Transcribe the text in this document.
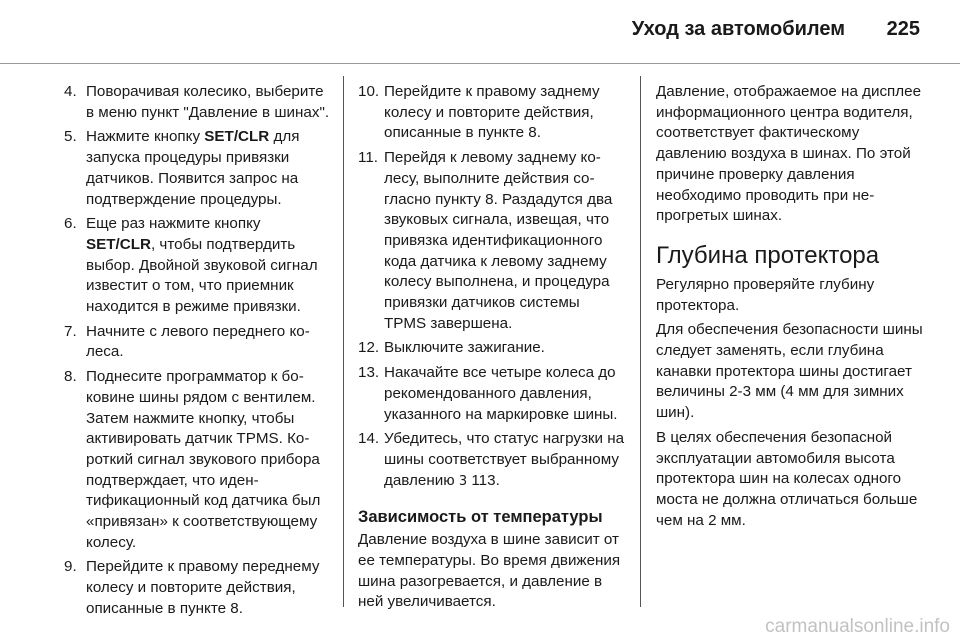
Уход за автомобилем 225
4. Поворачивая колесико, выберите в меню пункт "Давление в шинах".
5. Нажмите кнопку SET/CLR для запуска процедуры привязки датчиков. Появится запрос на подтверждение процедуры.
6. Еще раз нажмите кнопку SET/CLR, чтобы подтвердить выбор. Двойной звуковой сигнал известит о том, что приемник находится в режиме привязки.
7. Начните с левого переднего колеса.
8. Поднесите программатор к боковине шины рядом с вентилем. Затем нажмите кнопку, чтобы активировать датчик TPMS. Короткий сигнал звукового прибора подтверждает, что идентификационный код датчика был «привязан» к соответствующему колесу.
9. Перейдите к правому переднему колесу и повторите действия, описанные в пункте 8.
10. Перейдите к правому заднему колесу и повторите действия, описанные в пункте 8.
11. Перейдя к левому заднему колесу, выполните действия согласно пункту 8. Раздадутся два звуковых сигнала, извещая, что привязка идентификационного кода датчика к левому заднему колесу выполнена, и процедура привязки датчиков системы TPMS завершена.
12. Выключите зажигание.
13. Накачайте все четыре колеса до рекомендованного давления, указанного на маркировке шины.
14. Убедитесь, что статус нагрузки на шины соответствует выбранному давлению 3 113.
Зависимость от температуры

Давление воздуха в шине зависит от ее температуры. Во время движения шина разогревается, и давление в ней увеличивается.

Давление, отображаемое на дисплее информационного центра водителя, соответствует фактическому давлению воздуха в шинах. По этой причине проверку давления необходимо проводить при непрогретых шинах.

Глубина протектора

Регулярно проверяйте глубину протектора.

Для обеспечения безопасности шины следует заменять, если глубина канавки протектора шины достигает величины 2-3 мм (4 мм для зимних шин).

В целях обеспечения безопасной эксплуатации автомобиля высота протектора шин на колесах одного моста не должна отличаться больше чем на 2 мм.

carmanualsonline.info
